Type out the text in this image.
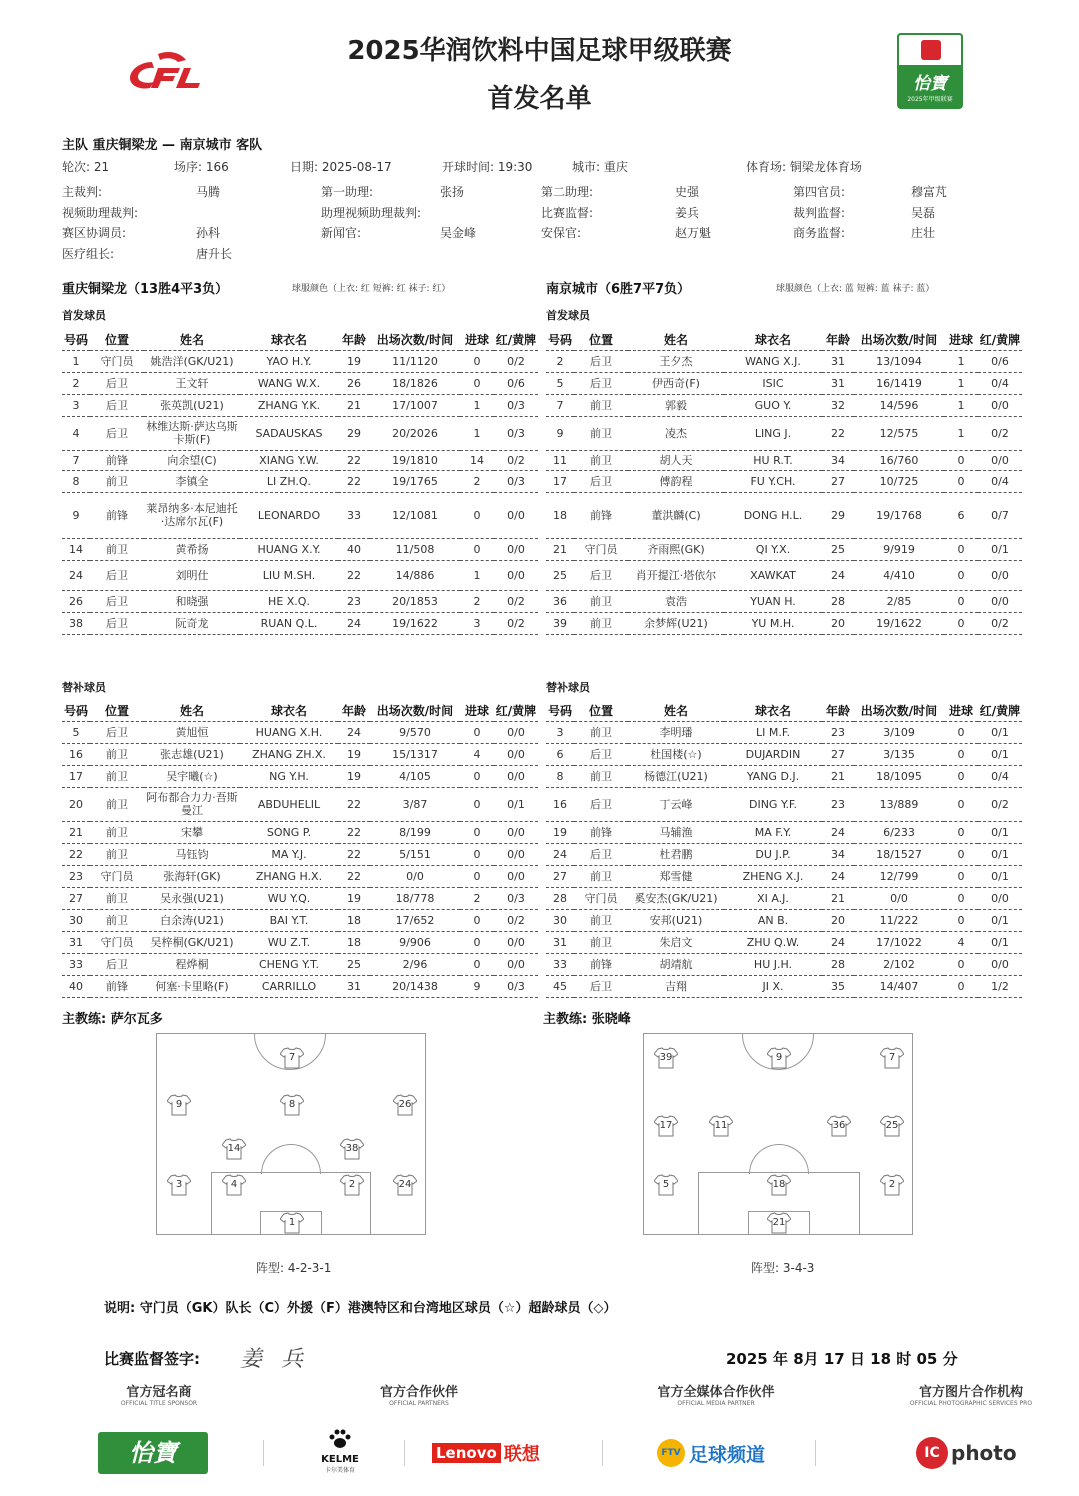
2025华润饮料中国足球甲级联赛
首发名单	怡寶
2025年甲级联赛
主队 重庆铜梁龙 — 南京城市 客队
轮次: 21	场序: 166	日期: 2025-08-17	开球时间: 19:30	城市: 重庆	体育场: 铜梁龙体育场
主裁判:	马腾	第一助理:	张扬	第二助理:	史强	第四官员:	穆富芃
视频助理裁判:	助理视频助理裁判:	比赛监督:	姜兵	裁判监督:	吴磊
赛区协调员:	孙科	新闻官:	吴金峰	安保官:	赵万魁	商务监督:	庄壮
医疗组长:	唐升长
重庆铜梁龙（13胜4平3负）	球服颜色（上衣: 红 短裤: 红 袜子: 红）	南京城市（6胜7平7负）	球服颜色（上衣: 蓝 短裤: 蓝 袜子: 蓝）
首发球员	首发球员
号码	位置	姓名	球衣名	年龄	出场次数/时间	进球	红/黄牌
1	守门员	姚浩洋(GK/U21)	YAO H.Y.	19	11/1120	0	0/2
2	后卫	王文轩	WANG W.X.	26	18/1826	0	0/6
3	后卫	张英凯(U21)	ZHANG Y.K.	21	17/1007	1	0/3
4	后卫	林维达斯·萨达乌斯卡斯(F)	SADAUSKAS	29	20/2026	1	0/3
7	前锋	向余望(C)	XIANG Y.W.	22	19/1810	14	0/2
8	前卫	李镇全	LI ZH.Q.	22	19/1765	2	0/3
9	前锋	莱昂纳多·本尼迪托·达席尔瓦(F)	LEONARDO	33	12/1081	0	0/0
14	前卫	黄希扬	HUANG X.Y.	40	11/508	0	0/0
24	后卫	刘明仕	LIU M.SH.	22	14/886	1	0/0
26	后卫	和晓强	HE X.Q.	23	20/1853	2	0/2
38	后卫	阮奇龙	RUAN Q.L.	24	19/1622	3	0/2
号码	位置	姓名	球衣名	年龄	出场次数/时间	进球	红/黄牌
2	后卫	王夕杰	WANG X.J.	31	13/1094	1	0/6
5	后卫	伊西奇(F)	ISIC	31	16/1419	1	0/4
7	前卫	郭毅	GUO Y.	32	14/596	1	0/0
9	前卫	凌杰	LING J.	22	12/575	1	0/2
11	前卫	胡人天	HU R.T.	34	16/760	0	0/0
17	后卫	傅韵程	FU Y.CH.	27	10/725	0	0/4
18	前锋	董洪麟(C)	DONG H.L.	29	19/1768	6	0/7
21	守门员	齐雨熙(GK)	QI Y.X.	25	9/919	0	0/1
25	后卫	肖开提江·塔依尔	XAWKAT	24	4/410	0	0/0
36	前卫	袁浩	YUAN H.	28	2/85	0	0/0
39	前卫	余梦辉(U21)	YU M.H.	20	19/1622	0	0/2
替补球员	替补球员
号码	位置	姓名	球衣名	年龄	出场次数/时间	进球	红/黄牌
5	后卫	黄旭恒	HUANG X.H.	24	9/570	0	0/0
16	前卫	张志雄(U21)	ZHANG ZH.X.	19	15/1317	4	0/0
17	前卫	吴宇曦(☆)	NG Y.H.	19	4/105	0	0/0
20	前卫	阿布都合力力·吾斯曼江	ABDUHELIL	22	3/87	0	0/1
21	前卫	宋攀	SONG P.	22	8/199	0	0/0
22	前卫	马钰钧	MA Y.J.	22	5/151	0	0/0
23	守门员	张海轩(GK)	ZHANG H.X.	22	0/0	0	0/0
27	前卫	吴永强(U21)	WU Y.Q.	19	18/778	2	0/3
30	前卫	白余涛(U21)	BAI Y.T.	18	17/652	0	0/2
31	守门员	吴梓桐(GK/U21)	WU Z.T.	18	9/906	0	0/0
33	后卫	程烨桐	CHENG Y.T.	25	2/96	0	0/0
40	前锋	何塞·卡里略(F)	CARRILLO	31	20/1438	9	0/3
号码	位置	姓名	球衣名	年龄	出场次数/时间	进球	红/黄牌
3	前卫	李明璠	LI M.F.	23	3/109	0	0/1
6	后卫	杜国楼(☆)	DUJARDIN	27	3/135	0	0/1
8	前卫	杨德江(U21)	YANG D.J.	21	18/1095	0	0/4
16	后卫	丁云峰	DING Y.F.	23	13/889	0	0/2
19	前锋	马辅渔	MA F.Y.	24	6/233	0	0/1
24	后卫	杜君鹏	DU J.P.	34	18/1527	0	0/1
27	前卫	郑雪健	ZHENG X.J.	24	12/799	0	0/1
28	守门员	奚安杰(GK/U21)	XI A.J.	21	0/0	0	0/0
30	前卫	安邦(U21)	AN B.	20	11/222	0	0/1
31	前卫	朱启文	ZHU Q.W.	24	17/1022	4	0/1
33	前锋	胡靖航	HU J.H.	28	2/102	0	0/0
45	后卫	吉翔	JI X.	35	14/407	0	1/2
主教练: 萨尔瓦多	主教练: 张晓峰
7
9	8	26
14	38
3	4	2	24
1
39	9	7
17	11	36	25
5	18	2
21
阵型: 4-2-3-1	阵型: 3-4-3
说明: 守门员（GK）队长（C）外援（F）港澳特区和台湾地区球员（☆）超龄球员（◇）
比赛监督签字: 姜 兵	2025 年 8月 17 日 18 时 05 分
官方冠名商
OFFICIAL TITLE SPONSOR
官方合作伙伴
OFFICIAL PARTNERS
官方全媒体合作伙伴
OFFICIAL MEDIA PARTNER
官方图片合作机构
OFFICIAL PHOTOGRAPHIC SERVICES PRO
怡寶	KELME
卡尔美体育
Lenovo 联想	FTV 足球频道	IC photo
